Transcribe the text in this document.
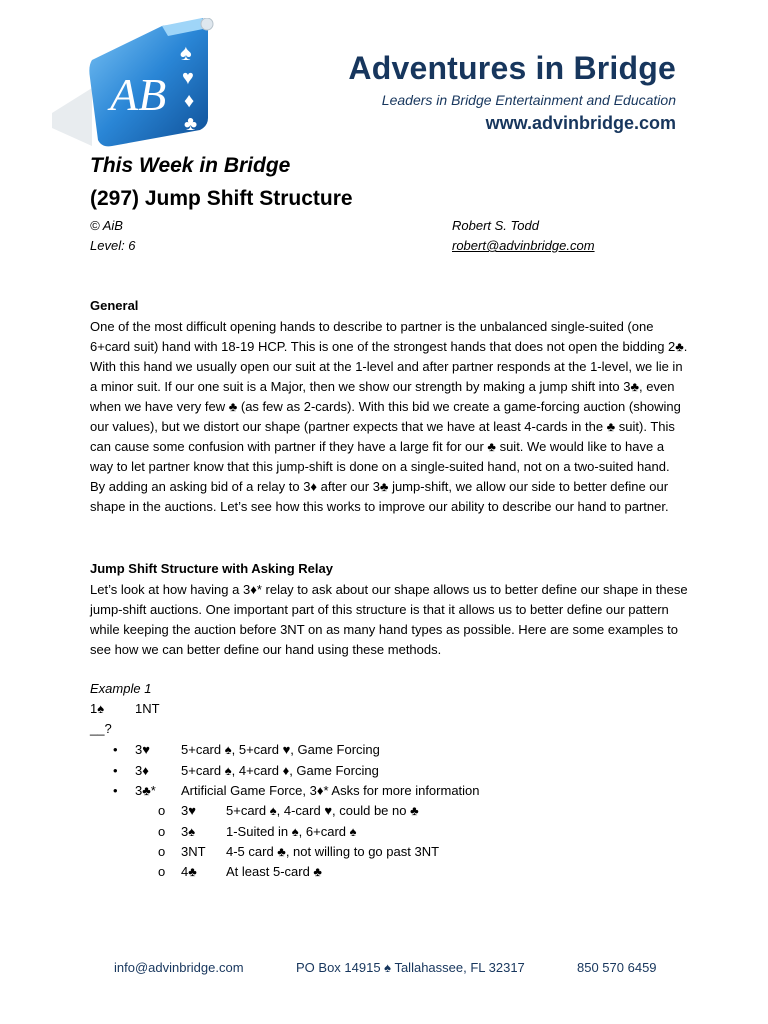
AB
♠
♥
♦
♣
Adventures in Bridge
Leaders in Bridge Entertainment and Education
www.advinbridge.com
This Week in Bridge
(297) Jump Shift Structure
© AiB
Level: 6
Robert S. Todd
robert@advinbridge.com
General
One of the most difficult opening hands to describe to partner is the unbalanced single-suited (one
6+card suit) hand with 18-19 HCP. This is one of the strongest hands that does not open the bidding 2♣.
With this hand we usually open our suit at the 1-level and after partner responds at the 1-level, we lie in
a minor suit. If our one suit is a Major, then we show our strength by making a jump shift into 3♣, even
when we have very few ♣ (as few as 2-cards). With this bid we create a game-forcing auction (showing
our values), but we distort our shape (partner expects that we have at least 4-cards in the ♣ suit). This
can cause some confusion with partner if they have a large fit for our ♣ suit. We would like to have a
way to let partner know that this jump-shift is done on a single-suited hand, not on a two-suited hand.
By adding an asking bid of a relay to 3♦ after our 3♣ jump-shift, we allow our side to better define our
shape in the auctions. Let’s see how this works to improve our ability to describe our hand to partner.
Jump Shift Structure with Asking Relay
Let’s look at how having a 3♦* relay to ask about our shape allows us to better define our shape in these
jump-shift auctions. One important part of this structure is that it allows us to better define our pattern
while keeping the auction before 3NT on as many hand types as possible. Here are some examples to
see how we can better define our hand using these methods.
Example 1
1♠ 1NT
__?
• 3♥ 5+card ♠, 5+card ♥, Game Forcing
• 3♦ 5+card ♠, 4+card ♦, Game Forcing
• 3♣* Artificial Game Force, 3♦* Asks for more information
o 3♥ 5+card ♠, 4-card ♥, could be no ♣
o 3♠ 1-Suited in ♠, 6+card ♠
o 3NT 4-5 card ♣, not willing to go past 3NT
o 4♣ At least 5-card ♣
info@advinbridge.com	PO Box 14915 ♠ Tallahassee, FL 32317	850 570 6459
